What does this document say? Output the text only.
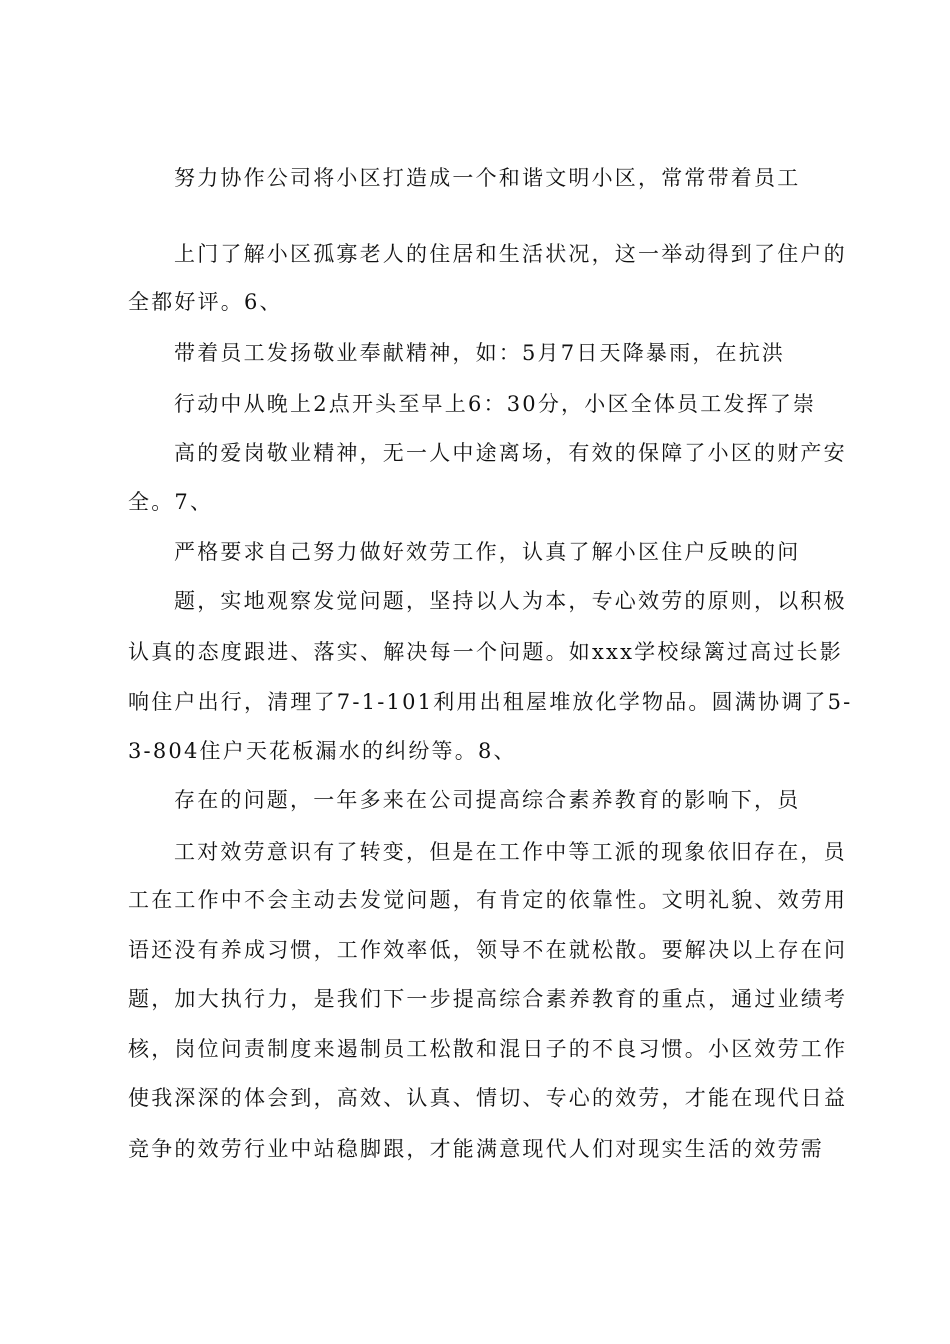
努力协作公司将小区打造成一个和谐文明小区，常常带着员工
上门了解小区孤寡老人的住居和生活状况，这一举动得到了住户的
全都好评。6、
带着员工发扬敬业奉献精神，如：5月7日天降暴雨，在抗洪
行动中从晚上2点开头至早上6：30分，小区全体员工发挥了崇
高的爱岗敬业精神，无一人中途离场，有效的保障了小区的财产安
全。7、
严格要求自己努力做好效劳工作，认真了解小区住户反映的问
题，实地观察发觉问题，坚持以人为本，专心效劳的原则，以积极
认真的态度跟进、落实、解决每一个问题。如xxx学校绿篱过高过长影
响住户出行，清理了7-1-101利用出租屋堆放化学物品。圆满协调了5-
3-804住户天花板漏水的纠纷等。8、
存在的问题，一年多来在公司提高综合素养教育的影响下，员
工对效劳意识有了转变，但是在工作中等工派的现象依旧存在，员
工在工作中不会主动去发觉问题，有肯定的依靠性。文明礼貌、效劳用
语还没有养成习惯，工作效率低，领导不在就松散。要解决以上存在问
题，加大执行力，是我们下一步提高综合素养教育的重点，通过业绩考
核，岗位问责制度来遏制员工松散和混日子的不良习惯。小区效劳工作
使我深深的体会到，高效、认真、情切、专心的效劳，才能在现代日益
竞争的效劳行业中站稳脚跟，才能满意现代人们对现实生活的效劳需
